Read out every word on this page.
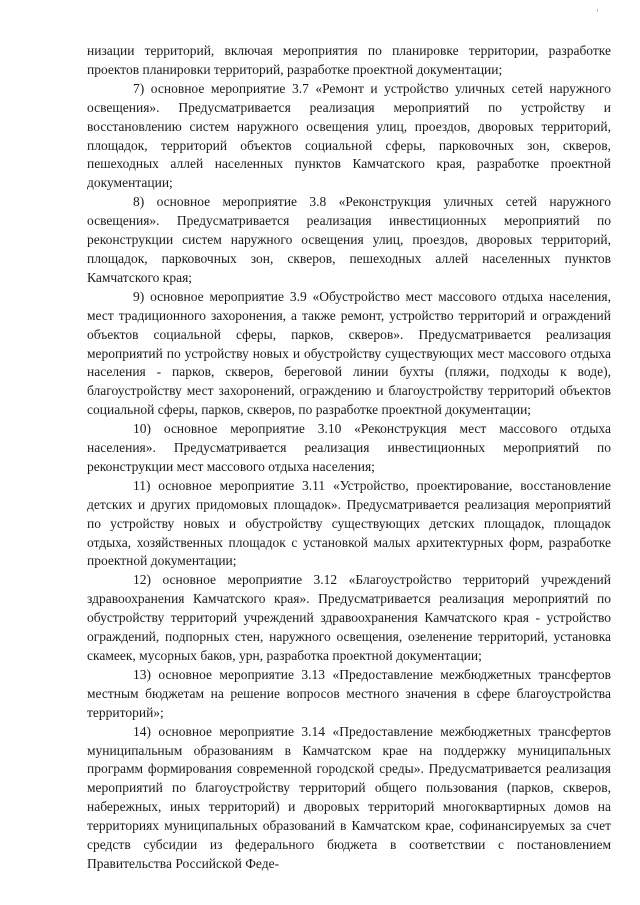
низации территорий, включая мероприятия по планировке территории, разработке проектов планировки территорий, разработке проектной документации;

7) основное мероприятие 3.7 «Ремонт и устройство уличных сетей наружного освещения». Предусматривается реализация мероприятий по устройству и восстановлению систем наружного освещения улиц, проездов, дворовых территорий, площадок, территорий объектов социальной сферы, парковочных зон, скверов, пешеходных аллей населенных пунктов Камчатского края, разработке проектной документации;

8) основное мероприятие 3.8 «Реконструкция уличных сетей наружного освещения». Предусматривается реализация инвестиционных мероприятий по реконструкции систем наружного освещения улиц, проездов, дворовых территорий, площадок, парковочных зон, скверов, пешеходных аллей населенных пунктов Камчатского края;

9) основное мероприятие 3.9 «Обустройство мест массового отдыха населения, мест традиционного захоронения, а также ремонт, устройство территорий и ограждений объектов социальной сферы, парков, скверов». Предусматривается реализация мероприятий по устройству новых и обустройству существующих мест массового отдыха населения - парков, скверов, береговой линии бухты (пляжи, подходы к воде), благоустройству мест захоронений, ограждению и благоустройству территорий объектов социальной сферы, парков, скверов, по разработке проектной документации;

10) основное мероприятие 3.10 «Реконструкция мест массового отдыха населения». Предусматривается реализация инвестиционных мероприятий по реконструкции мест массового отдыха населения;

11) основное мероприятие 3.11 «Устройство, проектирование, восстановление детских и других придомовых площадок». Предусматривается реализация мероприятий по устройству новых и обустройству существующих детских площадок, площадок отдыха, хозяйственных площадок с установкой малых архитектурных форм, разработке проектной документации;

12) основное мероприятие 3.12 «Благоустройство территорий учреждений здравоохранения Камчатского края». Предусматривается реализация мероприятий по обустройству территорий учреждений здравоохранения Камчатского края - устройство ограждений, подпорных стен, наружного освещения, озеленение территорий, установка скамеек, мусорных баков, урн, разработка проектной документации;

13) основное мероприятие 3.13 «Предоставление межбюджетных трансфертов местным бюджетам на решение вопросов местного значения в сфере благоустройства территорий»;

14) основное мероприятие 3.14 «Предоставление межбюджетных трансфертов муниципальным образованиям в Камчатском крае на поддержку муниципальных программ формирования современной городской среды». Предусматривается реализация мероприятий по благоустройству территорий общего пользования (парков, скверов, набережных, иных территорий) и дворовых территорий многоквартирных домов на территориях муниципальных образований в Камчатском крае, софинансируемых за счет средств субсидии из федерального бюджета в соответствии с постановлением Правительства Российской Феде-
